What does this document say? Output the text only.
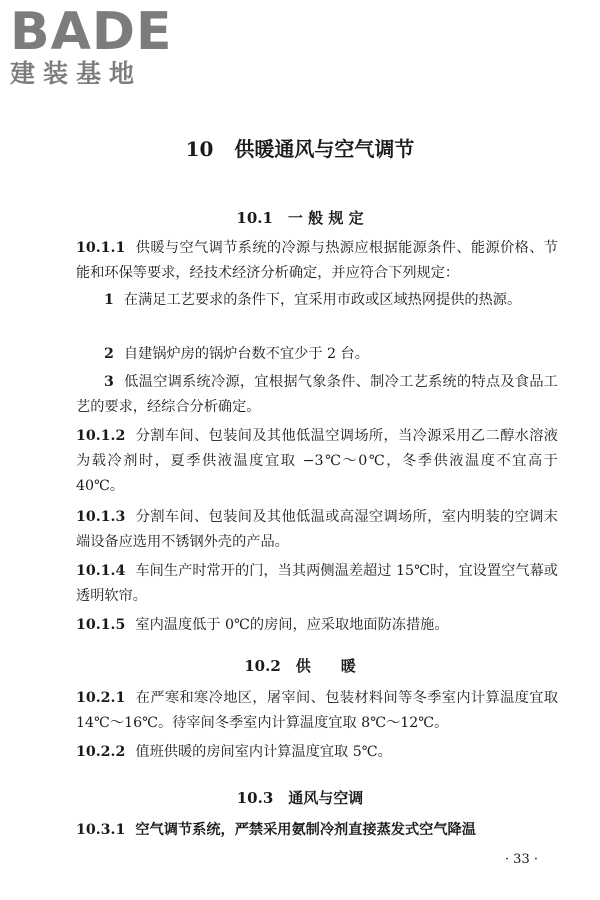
BADE
建装基地
10 供暖通风与空气调节
10.1　一 般 规 定

10.1.1 供暖与空气调节系统的冷源与热源应根据能源条件、能源价格、节能和环保等要求，经技术经济分析确定，并应符合下列规定：

1 在满足工艺要求的条件下，宜采用市政或区域热网提供的热源。

2 自建锅炉房的锅炉台数不宜少于 2 台。

3 低温空调系统冷源，宜根据气象条件、制冷工艺系统的特点及食品工艺的要求，经综合分析确定。

10.1.2 分割车间、包装间及其他低温空调场所，当冷源采用乙二醇水溶液为载冷剂时，夏季供液温度宜取 −3℃～0℃，冬季供液温度不宜高于 40℃。

10.1.3 分割车间、包装间及其他低温或高湿空调场所，室内明装的空调末端设备应选用不锈钢外壳的产品。

10.1.4 车间生产时常开的门，当其两侧温差超过 15℃时，宜设置空气幕或透明软帘。

10.1.5 室内温度低于 0℃的房间，应采取地面防冻措施。

10.2　供　　暖

10.2.1 在严寒和寒冷地区，屠宰间、包装材料间等冬季室内计算温度宜取 14℃～16℃。待宰间冬季室内计算温度宜取 8℃～12℃。

10.2.2 值班供暖的房间室内计算温度宜取 5℃。

10.3　通风与空调

10.3.1 空气调节系统，严禁采用氨制冷剂直接蒸发式空气降温

· 33 ·
